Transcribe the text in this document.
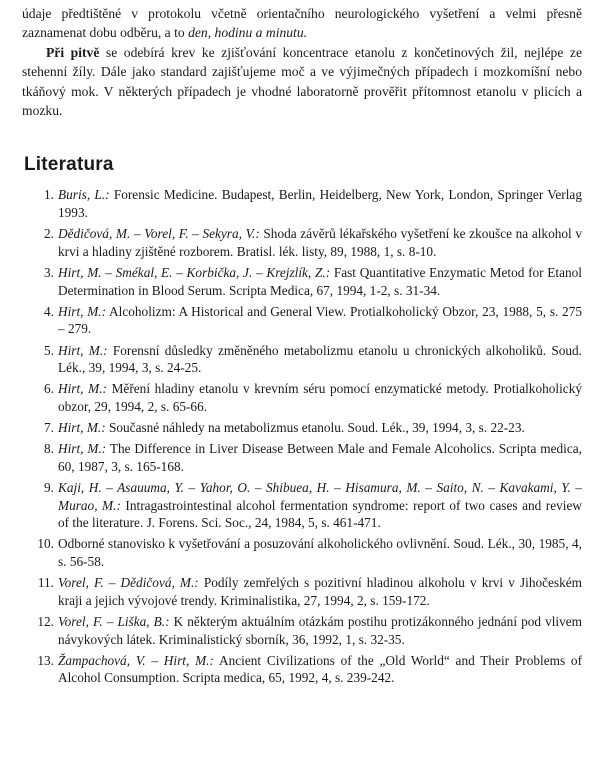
údaje předtištěné v protokolu včetně orientačního neurologického vyšetření a velmi přesně zaznamenat dobu odběru, a to den, hodinu a minutu.

Při pitvě se odebírá krev ke zjišťování koncentrace etanolu z končetinových žil, nejlépe ze stehenní žíly. Dále jako standard zajišťujeme moč a ve výjimečných případech i mozkomíšní nebo tkáňový mok. V některých případech je vhodné laboratorně prověřit přítomnost etanolu v plicích a mozku.

Literatura
1. Buris, L.: Forensic Medicine. Budapest, Berlin, Heidelberg, New York, London, Springer Verlag 1993.
2. Dědičová, M. – Vorel, F. – Sekyra, V.: Shoda závěrů lékařského vyšetření ke zkoušce na alkohol v krvi a hladiny zjištěné rozborem. Bratisl. lék. listy, 89, 1988, 1, s. 8-10.
3. Hirt, M. – Smékal, E. – Korbička, J. – Krejzlík, Z.: Fast Quantitative Enzymatic Metod for Etanol Determination in Blood Serum. Scripta Medica, 67, 1994, 1-2, s. 31-34.
4. Hirt, M.: Alcoholizm: A Historical and General View. Protialkoholický Obzor, 23, 1988, 5, s. 275 – 279.
5. Hirt, M.: Forensní důsledky změněného metabolizmu etanolu u chronických alkoholiků. Soud. Lék., 39, 1994, 3, s. 24-25.
6. Hirt, M.: Měření hladiny etanolu v krevním séru pomocí enzymatické metody. Protialkoholický obzor, 29, 1994, 2, s. 65-66.
7. Hirt, M.: Současné náhledy na metabolizmus etanolu. Soud. Lék., 39, 1994, 3, s. 22-23.
8. Hirt, M.: The Difference in Liver Disease Between Male and Female Alcoholics. Scripta medica, 60, 1987, 3, s. 165-168.
9. Kaji, H. – Asauuma, Y. – Yahor, O. – Shibuea, H. – Hisamura, M. – Saito, N. – Kavakami, Y. – Murao, M.: Intragastrointestinal alcohol fermentation syndrome: report of two cases and review of the literature. J. Forens. Sci. Soc., 24, 1984, 5, s. 461-471.
10. Odborné stanovisko k vyšetřování a posuzování alkoholického ovlivnění. Soud. Lék., 30, 1985, 4, s. 56-58.
11. Vorel, F. – Dědičová, M.: Podíly zemřelých s pozitivní hladinou alkoholu v krvi v Jihočeském kraji a jejich vývojové trendy. Kriminalistika, 27, 1994, 2, s. 159-172.
12. Vorel, F. – Liška, B.: K některým aktuálním otázkám postihu protizákonného jednání pod vlivem návykových látek. Kriminalistický sborník, 36, 1992, 1, s. 32-35.
13. Žampachová, V. – Hirt, M.: Ancient Civilizations of the „Old World“ and Their Problems of Alcohol Consumption. Scripta medica, 65, 1992, 4, s. 239-242.
